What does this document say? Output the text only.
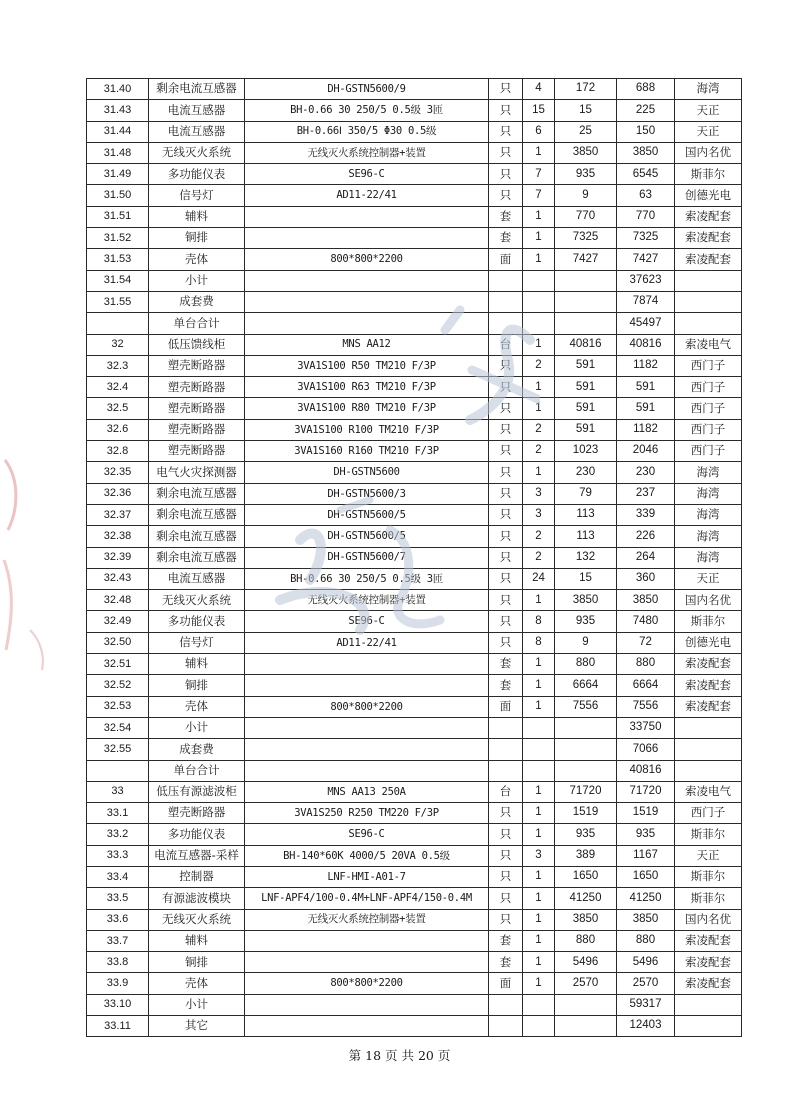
31.40	剩余电流互感器	DH-GSTN5600/9	只	4	172	688	海湾
31.43	电流互感器	BH-0.66 30 250/5 0.5级 3匝	只	15	15	225	天正
31.44	电流互感器	BH-0.66Ⅰ 350/5 Φ30 0.5级	只	6	25	150	天正
31.48	无线灭火系统	无线灭火系统控制器+装置	只	1	3850	3850	国内名优
31.49	多功能仪表	SE96-C	只	7	935	6545	斯菲尔
31.50	信号灯	AD11-22/41	只	7	9	63	创德光电
31.51	辅料		套	1	770	770	索凌配套
31.52	铜排		套	1	7325	7325	索凌配套
31.53	壳体	800*800*2200	面	1	7427	7427	索凌配套
31.54	小计					37623	
31.55	成套费					7874	
	单台合计					45497	
32	低压馈线柜	MNS AA12	台	1	40816	40816	索凌电气
32.3	塑壳断路器	3VA1S100 R50 TM210 F/3P	只	2	591	1182	西门子
32.4	塑壳断路器	3VA1S100 R63 TM210 F/3P	只	1	591	591	西门子
32.5	塑壳断路器	3VA1S100 R80 TM210 F/3P	只	1	591	591	西门子
32.6	塑壳断路器	3VA1S100 R100 TM210 F/3P	只	2	591	1182	西门子
32.8	塑壳断路器	3VA1S160 R160 TM210 F/3P	只	2	1023	2046	西门子
32.35	电气火灾探测器	DH-GSTN5600	只	1	230	230	海湾
32.36	剩余电流互感器	DH-GSTN5600/3	只	3	79	237	海湾
32.37	剩余电流互感器	DH-GSTN5600/5	只	3	113	339	海湾
32.38	剩余电流互感器	DH-GSTN5600/5	只	2	113	226	海湾
32.39	剩余电流互感器	DH-GSTN5600/7	只	2	132	264	海湾
32.43	电流互感器	BH-0.66 30 250/5 0.5级 3匝	只	24	15	360	天正
32.48	无线灭火系统	无线灭火系统控制器+装置	只	1	3850	3850	国内名优
32.49	多功能仪表	SE96-C	只	8	935	7480	斯菲尔
32.50	信号灯	AD11-22/41	只	8	9	72	创德光电
32.51	辅料		套	1	880	880	索凌配套
32.52	铜排		套	1	6664	6664	索凌配套
32.53	壳体	800*800*2200	面	1	7556	7556	索凌配套
32.54	小计					33750	
32.55	成套费					7066	
	单台合计					40816	
33	低压有源滤波柜	MNS AA13 250A	台	1	71720	71720	索凌电气
33.1	塑壳断路器	3VA1S250 R250 TM220 F/3P	只	1	1519	1519	西门子
33.2	多功能仪表	SE96-C	只	1	935	935	斯菲尔
33.3	电流互感器-采样	BH-140*60K 4000/5 20VA 0.5级	只	3	389	1167	天正
33.4	控制器	LNF-HMI-A01-7	只	1	1650	1650	斯菲尔
33.5	有源滤波模块	LNF-APF4/100-0.4M+LNF-APF4/150-0.4M	只	1	41250	41250	斯菲尔
33.6	无线灭火系统	无线灭火系统控制器+装置	只	1	3850	3850	国内名优
33.7	辅料		套	1	880	880	索凌配套
33.8	铜排		套	1	5496	5496	索凌配套
33.9	壳体	800*800*2200	面	1	2570	2570	索凌配套
33.10	小计					59317	
33.11	其它					12403	
第 18 页 共 20 页
